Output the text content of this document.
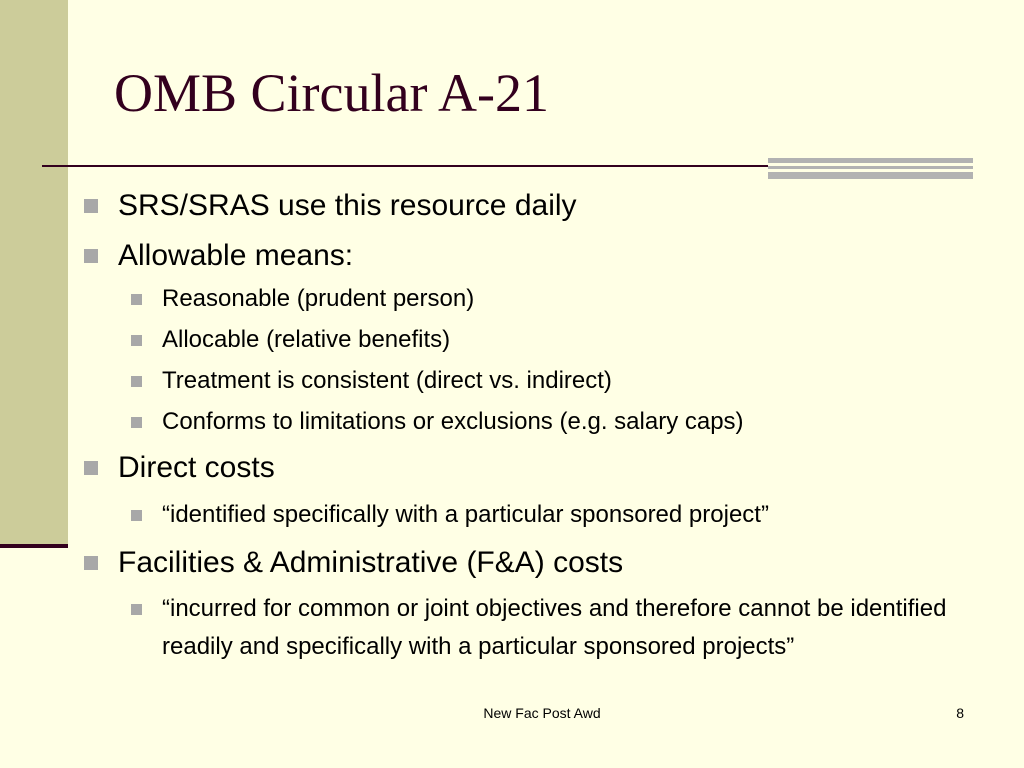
OMB Circular A-21

SRS/SRAS use this resource daily

Allowable means:

Reasonable (prudent person)

Allocable (relative benefits)

Treatment is consistent (direct vs. indirect)

Conforms to limitations or exclusions (e.g. salary caps)

Direct costs

“identified specifically with a particular sponsored project”

Facilities & Administrative (F&A) costs

“incurred for common or joint objectives and therefore cannot be identified readily and specifically with a particular sponsored projects”

New Fac Post Awd	8
